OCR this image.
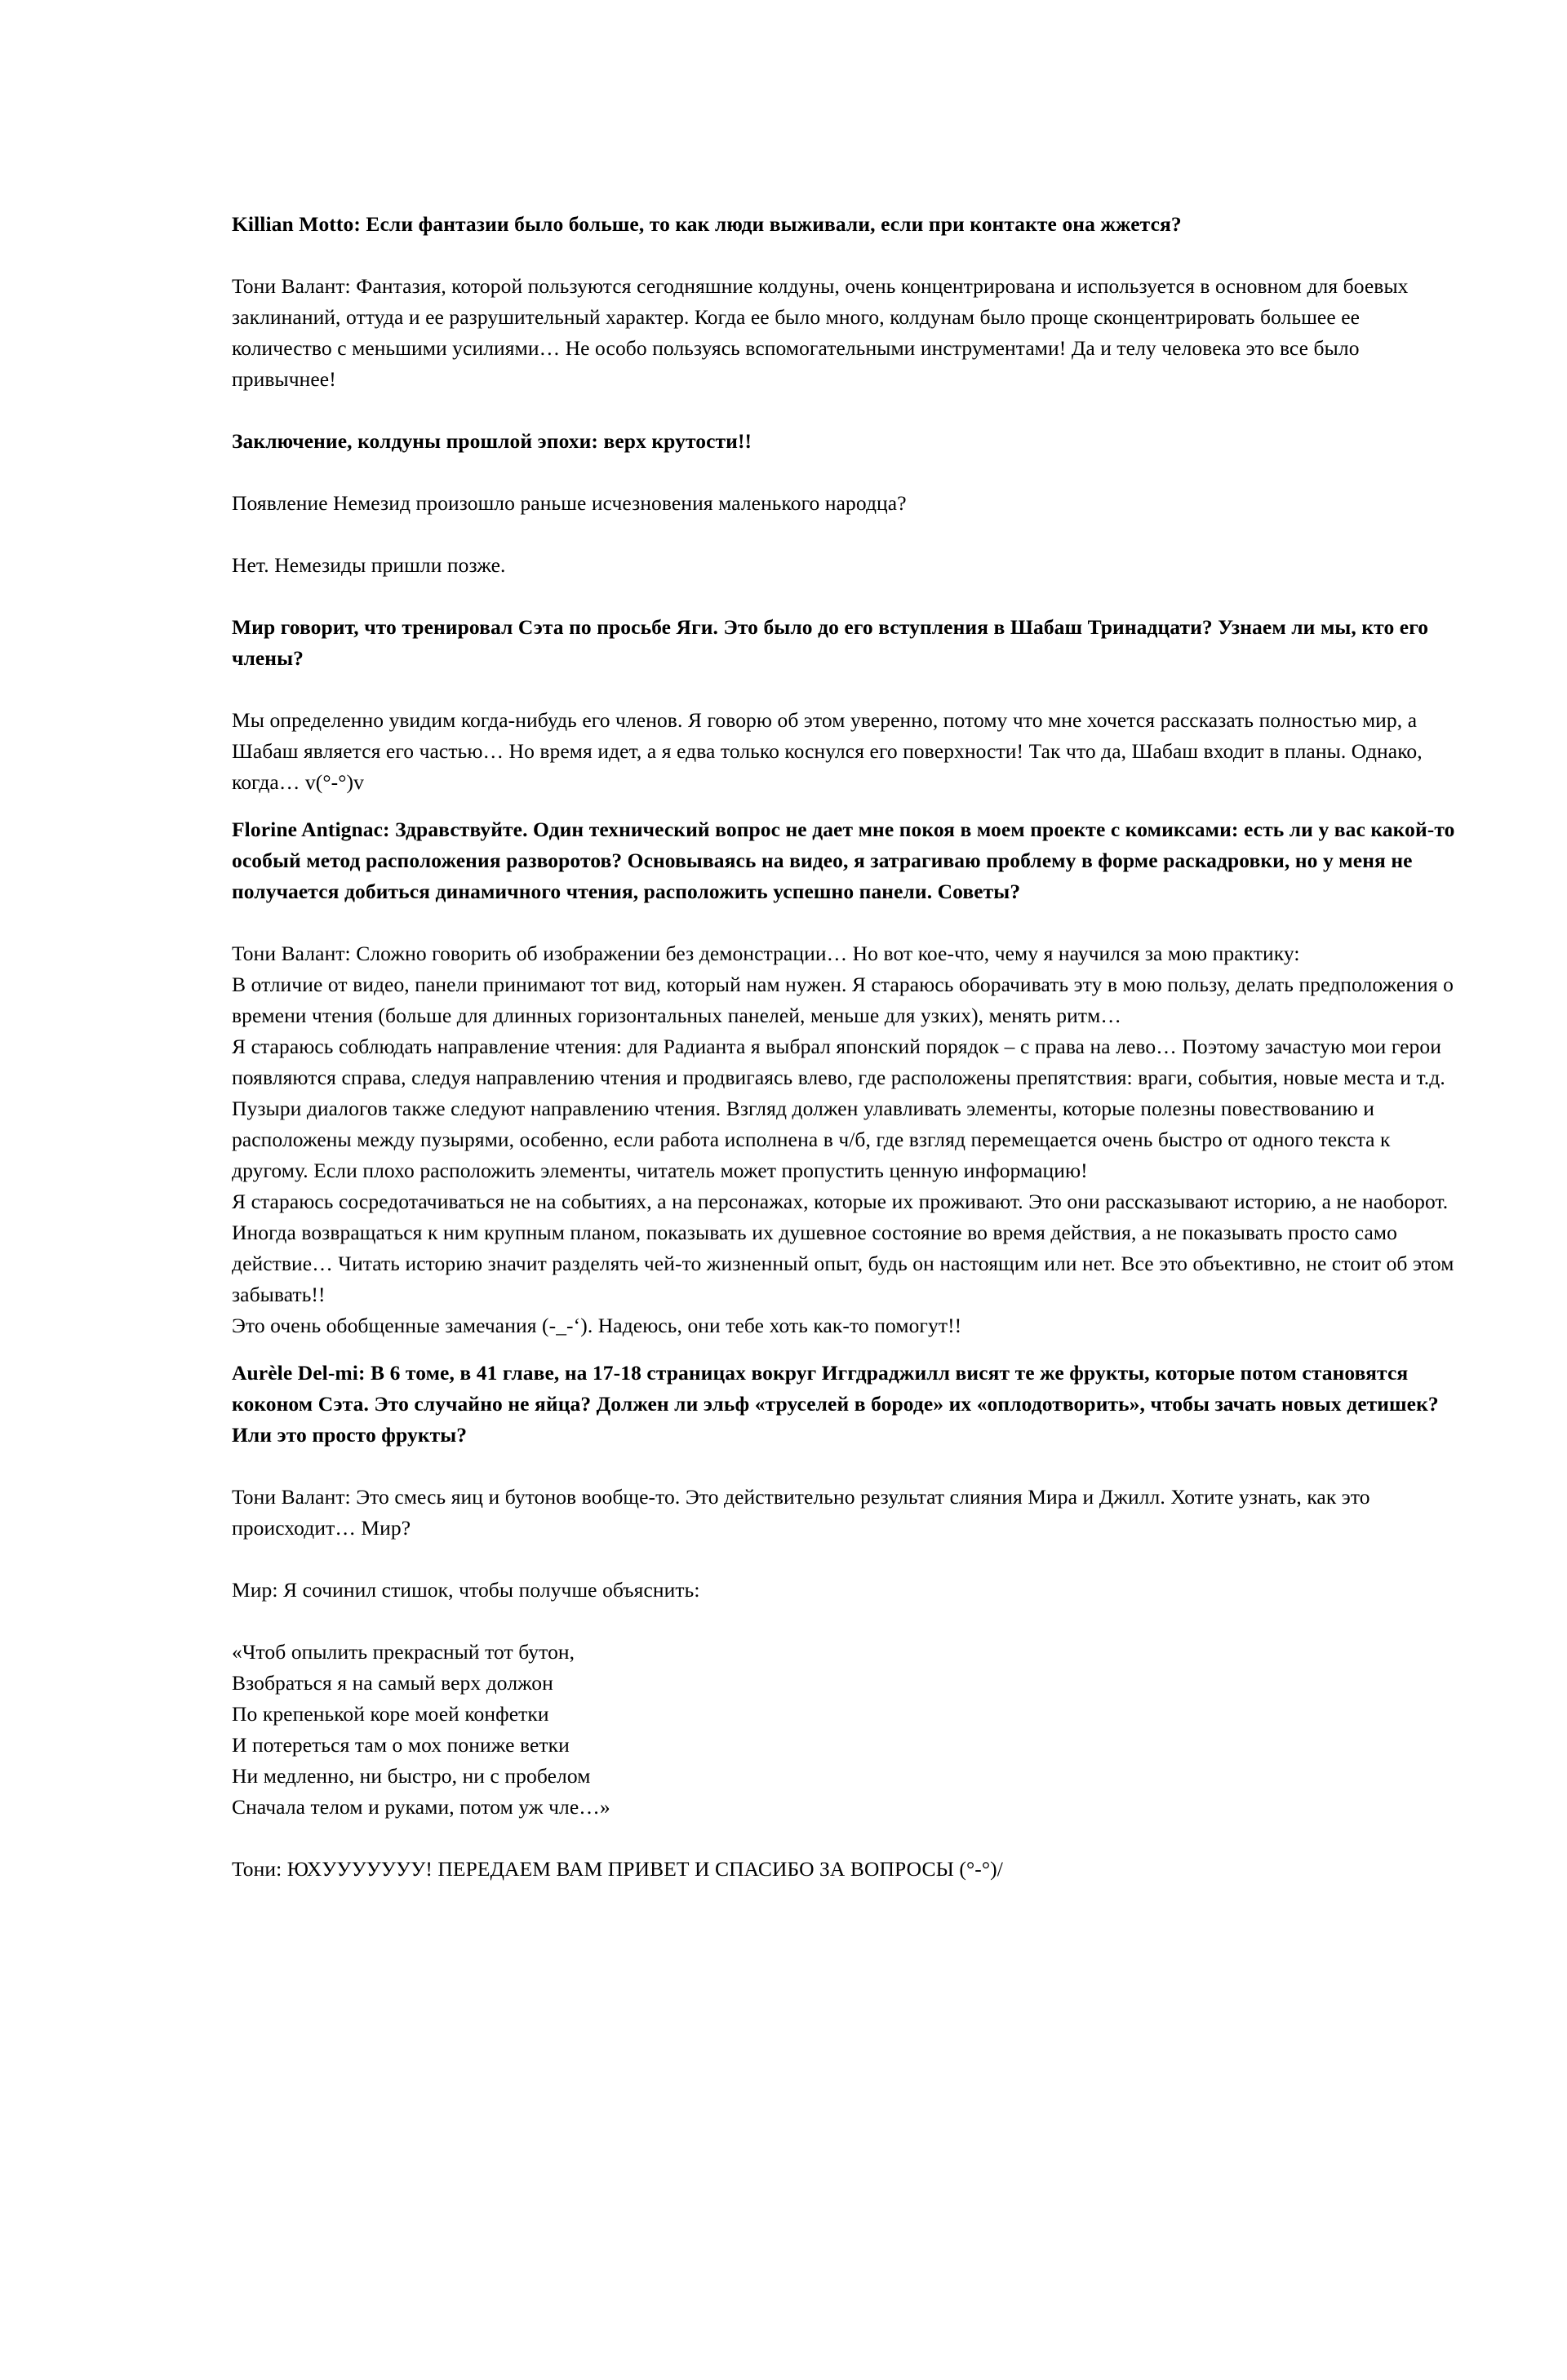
Killian Motto: Если фантазии было больше, то как люди выживали, если при контакте она жжется?

Тони Валант: Фантазия, которой пользуются сегодняшние колдуны, очень концентрирована и используется в основном для боевых заклинаний, оттуда и ее разрушительный характер. Когда ее было много, колдунам было проще сконцентрировать большее ее количество с меньшими усилиями… Не особо пользуясь вспомогательными инструментами! Да и телу человека это все было привычнее!

Заключение, колдуны прошлой эпохи: верх крутости!!

Появление Немезид произошло раньше исчезновения маленького народца?

Нет. Немезиды пришли позже.

Мир говорит, что тренировал Сэта по просьбе Яги. Это было до его вступления в Шабаш Тринадцати? Узнаем ли мы, кто его члены?

Мы определенно увидим когда-нибудь его членов. Я говорю об этом уверенно, потому что мне хочется рассказать полностью мир, а Шабаш является его частью… Но время идет, а я едва только коснулся его поверхности! Так что да, Шабаш входит в планы. Однако, когда… v(°-°)v

Florine Antignac: Здравствуйте. Один технический вопрос не дает мне покоя в моем проекте с комиксами: есть ли у вас какой-то особый метод расположения разворотов? Основываясь на видео, я затрагиваю проблему в форме раскадровки, но у меня не получается добиться динамичного чтения, расположить успешно панели. Советы?

Тони Валант: Сложно говорить об изображении без демонстрации… Но вот кое-что, чему я научился за мою практику:

В отличие от видео, панели принимают тот вид, который нам нужен. Я стараюсь оборачивать эту в мою пользу, делать предположения о времени чтения (больше для длинных горизонтальных панелей, меньше для узких), менять ритм…

Я стараюсь соблюдать направление чтения: для Радианта я выбрал японский порядок – с права на лево… Поэтому зачастую мои герои появляются справа, следуя направлению чтения и продвигаясь влево, где расположены препятствия: враги, события, новые места и т.д.

Пузыри диалогов также следуют направлению чтения. Взгляд должен улавливать элементы, которые полезны повествованию и расположены между пузырями, особенно, если работа исполнена в ч/б, где взгляд перемещается очень быстро от одного текста к другому. Если плохо расположить элементы, читатель может пропустить ценную информацию!

Я стараюсь сосредотачиваться не на событиях, а на персонажах, которые их проживают. Это они рассказывают историю, а не наоборот. Иногда возвращаться к ним крупным планом, показывать их душевное состояние во время действия, а не показывать просто само действие… Читать историю значит разделять чей-то жизненный опыт, будь он настоящим или нет. Все это объективно, не стоит об этом забывать!!

Это очень обобщенные замечания (-_-‘). Надеюсь, они тебе хоть как-то помогут!!

Aurèle Del-mi: В 6 томе, в 41 главе, на 17-18 страницах вокруг Иггдраджилл висят те же фрукты, которые потом становятся коконом Сэта. Это случайно не яйца? Должен ли эльф «труселей в бороде» их «оплодотворить», чтобы зачать новых детишек? Или это просто фрукты?

Тони Валант: Это смесь яиц и бутонов вообще-то. Это действительно результат слияния Мира и Джилл. Хотите узнать, как это происходит… Мир?

Мир: Я сочинил стишок, чтобы получше объяснить:

«Чтоб опылить прекрасный тот бутон,

Взобраться я на самый верх должон

По крепенькой коре моей конфетки

И потереться там о мох пониже ветки

Ни медленно, ни быстро, ни с пробелом

Сначала телом и руками, потом уж чле…»

Тони: ЮХУУУУУУУ! ПЕРЕДАЕМ ВАМ ПРИВЕТ И СПАСИБО ЗА ВОПРОСЫ (°-°)/
